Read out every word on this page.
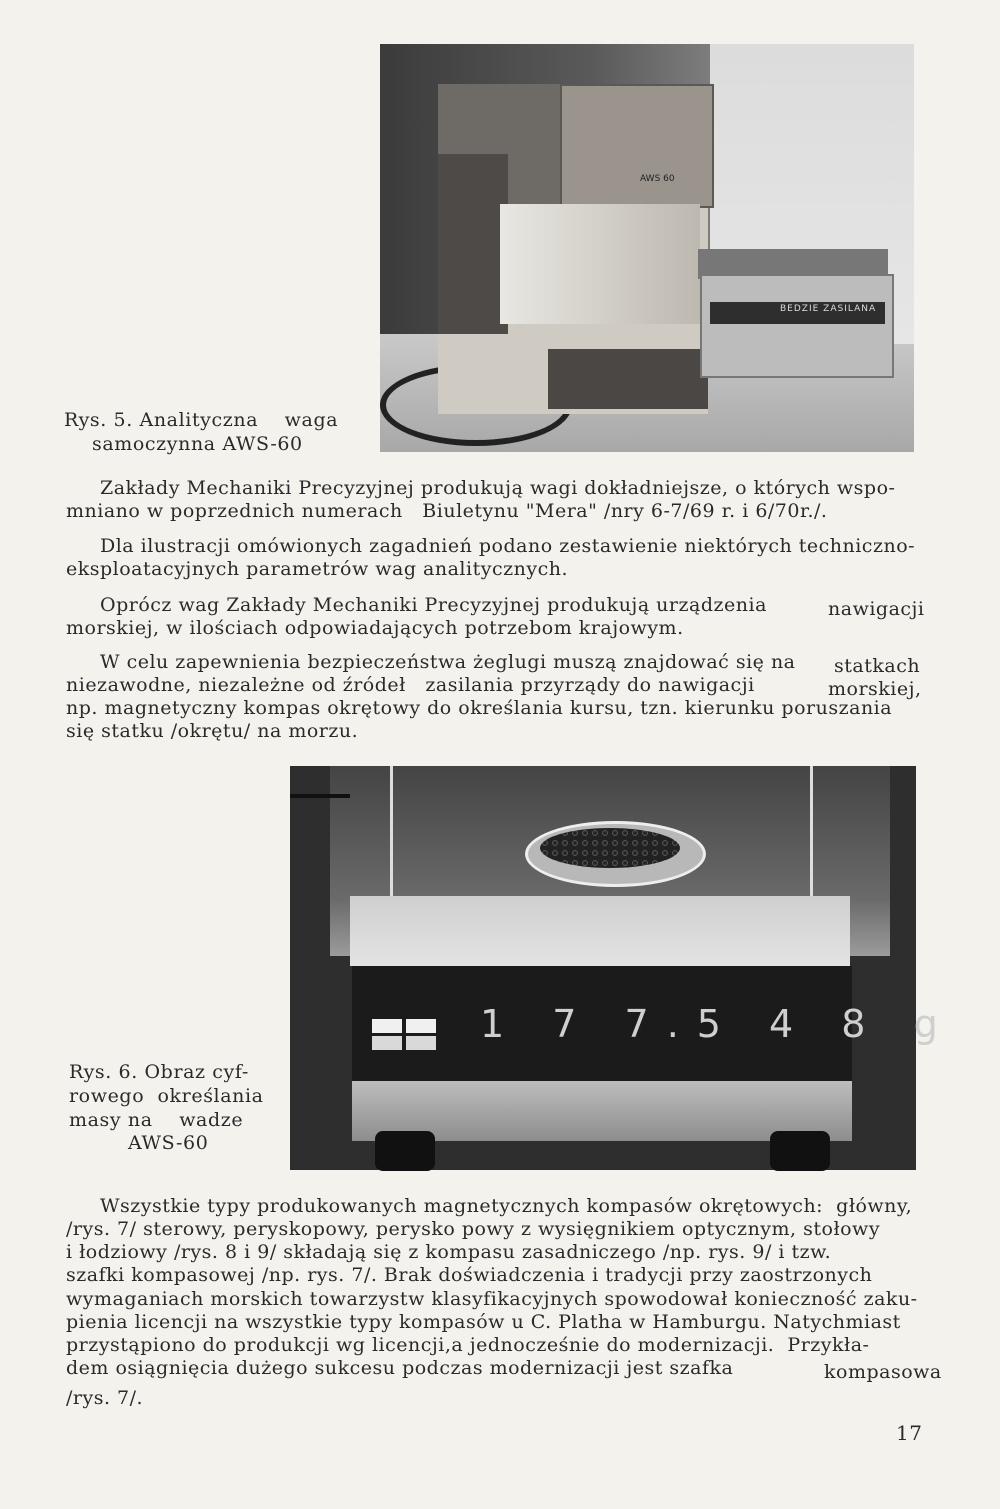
AWS 60
BEDZIE ZASILANA
Rys. 5. Analityczna    waga
samoczynna AWS-60
Zakłady Mechaniki Precyzyjnej produkują wagi dokładniejsze, o których wspo-
mniano w poprzednich numerach   Biuletynu "Mera" /nry 6-7/69 r. i 6/70r./.
Dla ilustracji omówionych zagadnień podano zestawienie niektórych techniczno-
eksploatacyjnych parametrów wag analitycznych.
Oprócz wag Zakłady Mechaniki Precyzyjnej produkują urządzenia	nawigacji
morskiej, w ilościach odpowiadających potrzebom krajowym.
W celu zapewnienia bezpieczeństwa żeglugi muszą znajdować się na statkach
niezawodne, niezależne od źródeł   zasilania przyrządy do nawigacji	morskiej,
np. magnetyczny kompas okrętowy do określania kursu, tzn. kierunku poruszania
się statku /okrętu/ na morzu.
1 7 7.5 4 8 g
Rys. 6. Obraz cyf-
rowego  określania
masy na    wadze
AWS-60
Wszystkie typy produkowanych magnetycznych kompasów okrętowych:  główny,
/rys. 7/ sterowy, peryskopowy, perysko powy z wysięgnikiem optycznym, stołowy
i łodziowy /rys. 8 i 9/ składają się z kompasu zasadniczego /np. rys. 9/ i tzw.
szafki kompasowej /np. rys. 7/. Brak doświadczenia i tradycji przy zaostrzonych
wymaganiach morskich towarzystw klasyfikacyjnych spowodował konieczność zaku-
pienia licencji na wszystkie typy kompasów u C. Platha w Hamburgu. Natychmiast
przystąpiono do produkcji wg licencji,a jednocześnie do modernizacji.  Przykła-
dem osiągnięcia dużego sukcesu podczas modernizacji jest szafka	kompasowa
/rys. 7/.
17
